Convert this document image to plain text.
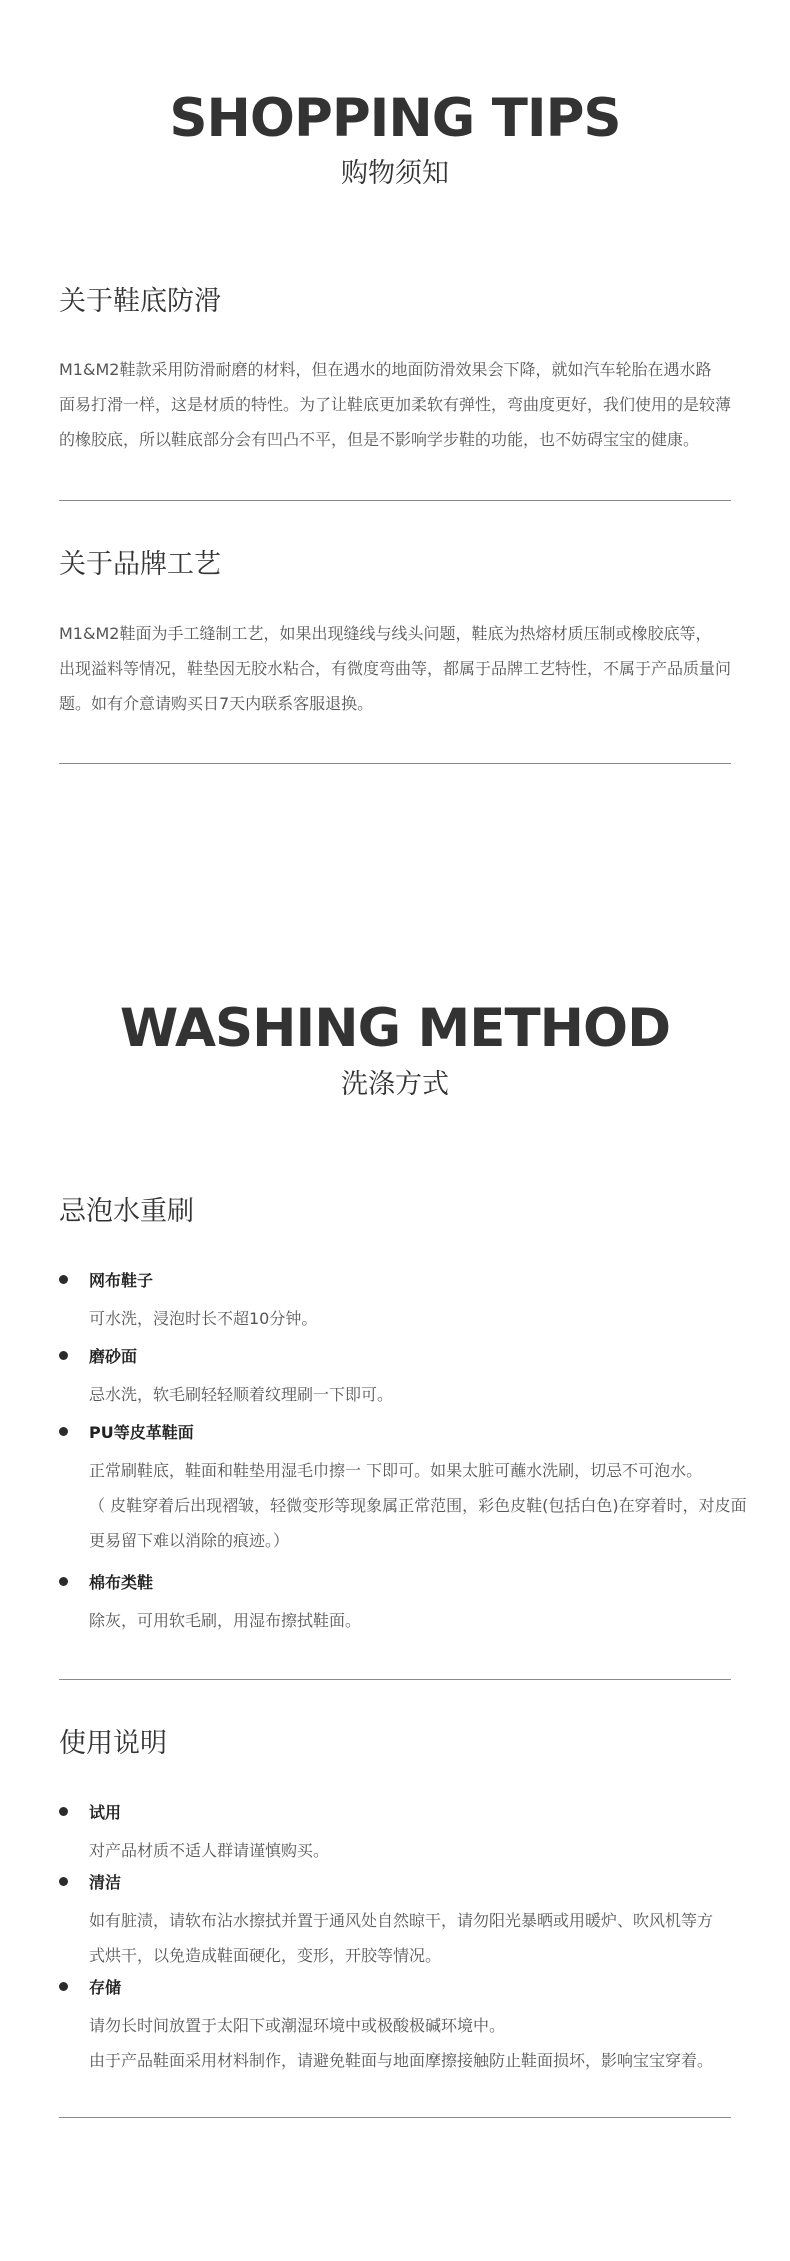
SHOPPING TIPS
购物须知
关于鞋底防滑
M1&M2鞋款采用防滑耐磨的材料，但在遇水的地面防滑效果会下降，就如汽车轮胎在遇水路
面易打滑一样，这是材质的特性。为了让鞋底更加柔软有弹性，弯曲度更好，我们使用的是较薄
的橡胶底，所以鞋底部分会有凹凸不平，但是不影响学步鞋的功能，也不妨碍宝宝的健康。
关于品牌工艺
M1&M2鞋面为手工缝制工艺，如果出现缝线与线头问题，鞋底为热熔材质压制或橡胶底等，
出现溢料等情况，鞋垫因无胶水粘合，有微度弯曲等，都属于品牌工艺特性，不属于产品质量问
题。如有介意请购买日7天内联系客服退换。
WASHING METHOD
洗涤方式
忌泡水重刷
网布鞋子
可水洗，浸泡时长不超10分钟。
磨砂面
忌水洗，软毛刷轻轻顺着纹理刷一下即可。
PU等皮革鞋面
正常刷鞋底，鞋面和鞋垫用湿毛巾擦一 下即可。如果太脏可蘸水洗刷，切忌不可泡水。
（ 皮鞋穿着后出现褶皱，轻微变形等现象属正常范围，彩色皮鞋(包括白色)在穿着时，对皮面
更易留下难以消除的痕迹。）
棉布类鞋
除灰，可用软毛刷，用湿布擦拭鞋面。
使用说明
试用
对产品材质不适人群请谨慎购买。
清洁
如有脏渍，请软布沾水擦拭并置于通风处自然晾干，请勿阳光暴晒或用暖炉、吹风机等方
式烘干，以免造成鞋面硬化，变形，开胶等情况。
存储
请勿长时间放置于太阳下或潮湿环境中或极酸极碱环境中。
由于产品鞋面采用材料制作，请避免鞋面与地面摩擦接触防止鞋面损坏，影响宝宝穿着。
